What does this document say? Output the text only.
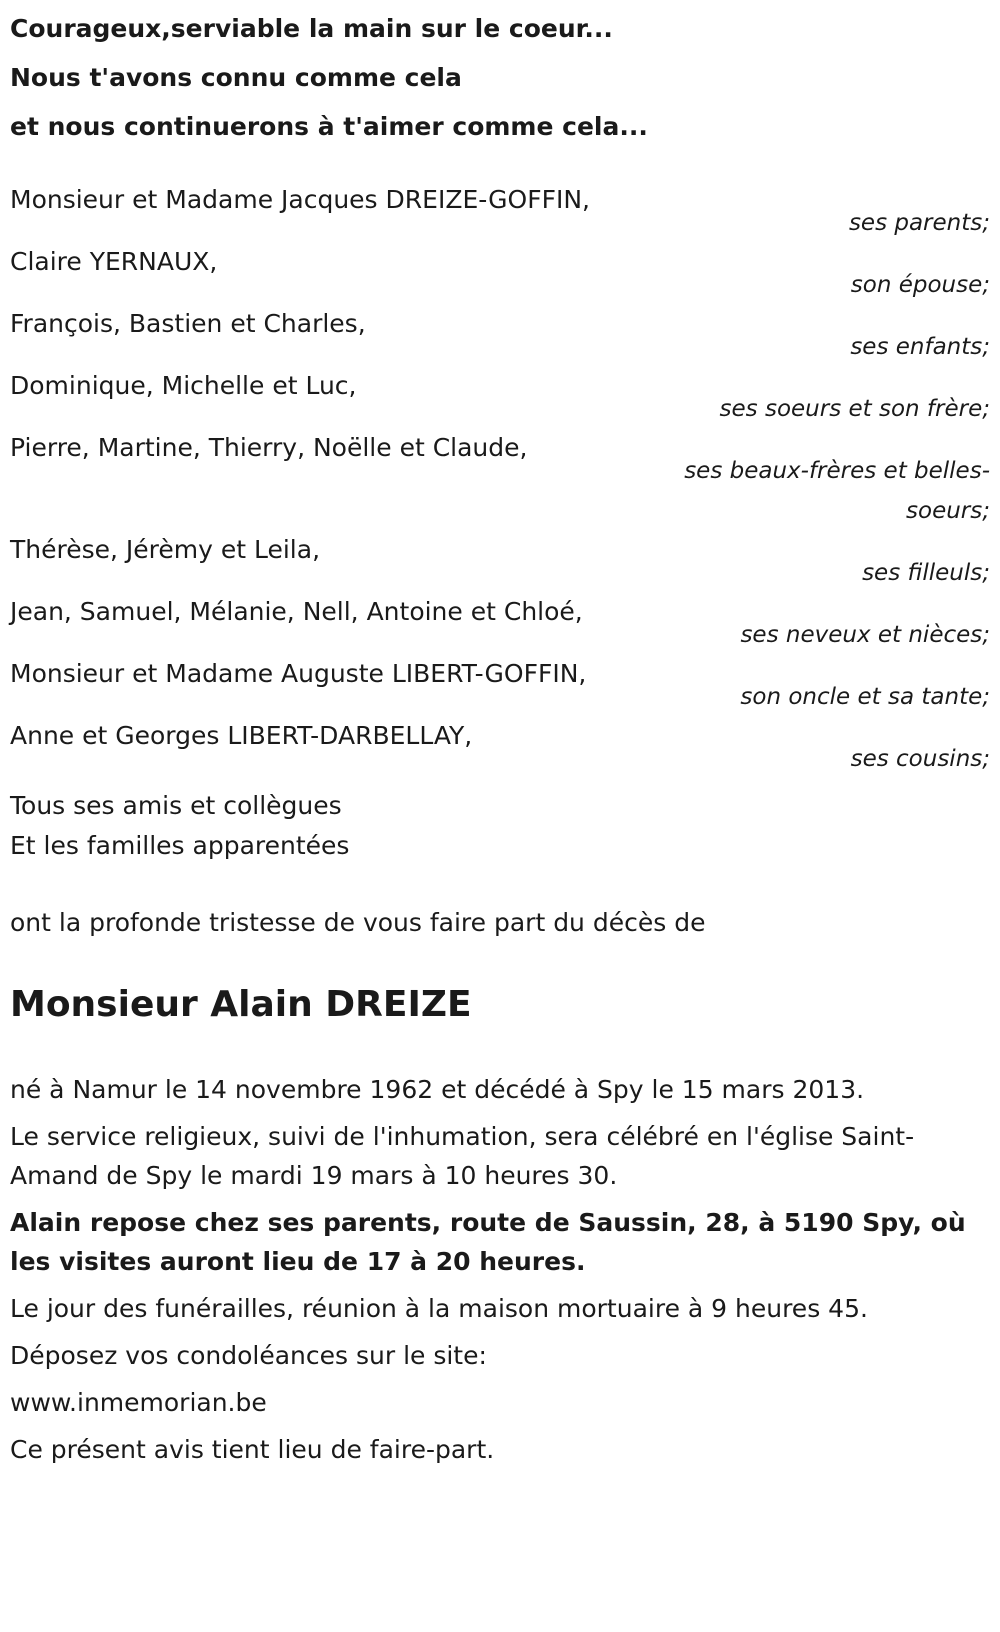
Courageux,serviable la main sur le coeur...
Nous t'avons connu comme cela
et nous continuerons à t'aimer comme cela...
Monsieur et Madame Jacques DREIZE-GOFFIN,
ses parents;
Claire YERNAUX,
son épouse;
François, Bastien et Charles,
ses enfants;
Dominique, Michelle et Luc,
ses soeurs et son frère;
Pierre, Martine, Thierry, Noëlle et Claude,
ses beaux-frères et belles-soeurs;
Thérèse, Jérèmy et Leila,
ses filleuls;
Jean, Samuel, Mélanie, Nell, Antoine et Chloé,
ses neveux et nièces;
Monsieur et Madame Auguste LIBERT-GOFFIN,
son oncle et sa tante;
Anne et Georges LIBERT-DARBELLAY,
ses cousins;
Tous ses amis et collègues
Et les familles apparentées
ont la profonde tristesse de vous faire part du décès de
Monsieur Alain DREIZE

né à Namur le 14 novembre 1962 et décédé à Spy le 15 mars 2013.

Le service religieux, suivi de l'inhumation, sera célébré en l'église Saint-Amand de Spy le mardi 19 mars à 10 heures 30.

Alain repose chez ses parents, route de Saussin, 28, à 5190 Spy, où les visites auront lieu de 17 à 20 heures.

Le jour des funérailles, réunion à la maison mortuaire à 9 heures 45.

Déposez vos condoléances sur le site:

www.inmemorian.be

Ce présent avis tient lieu de faire-part.
